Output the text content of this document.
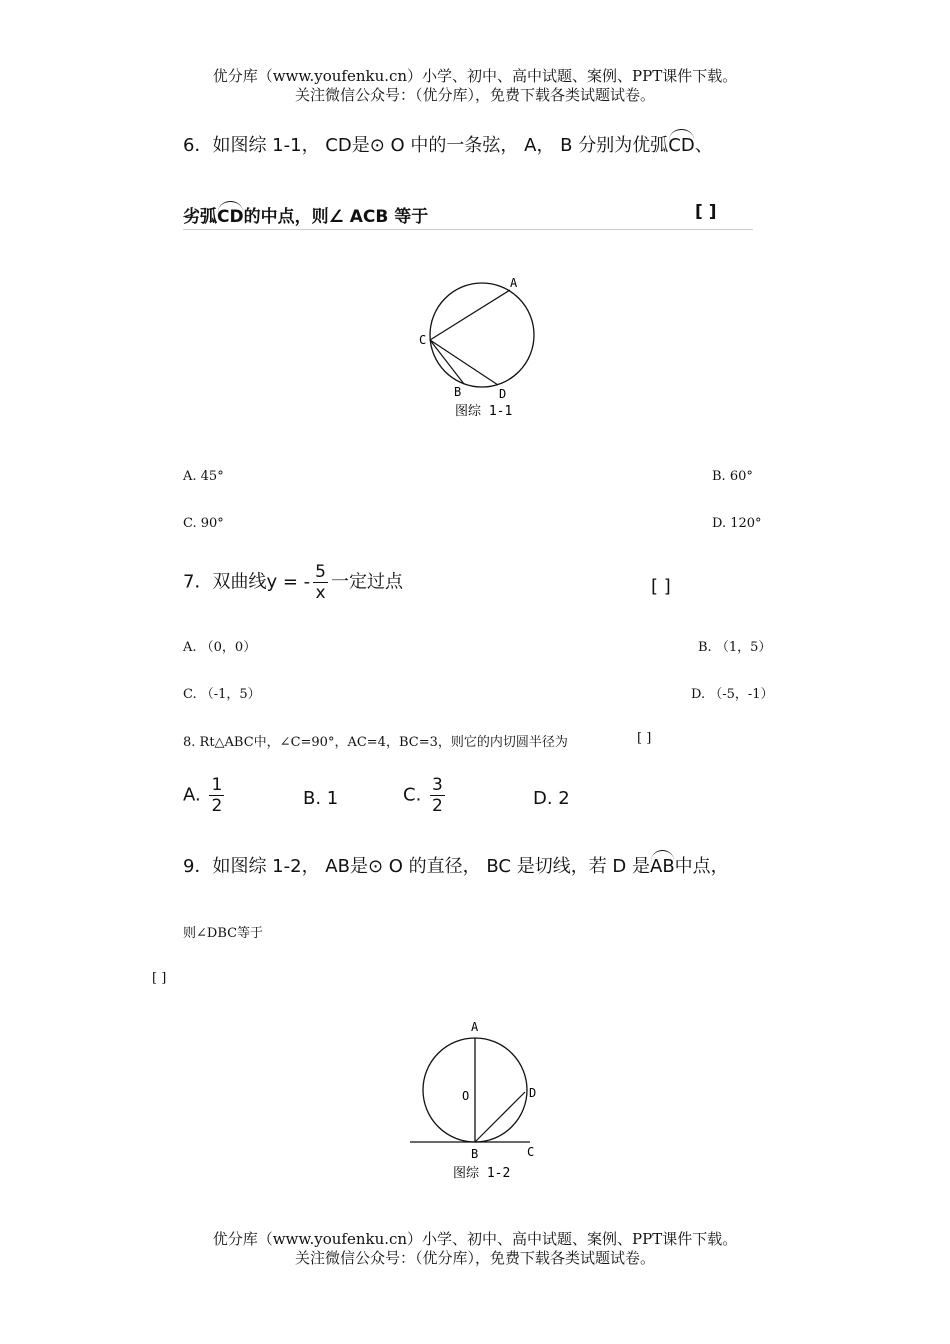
优分库（www.youfenku.cn）小学、初中、高中试题、案例、PPT课件下载。
关注微信公众号：（优分库），免费下载各类试题试卷。
6．如图综 1-1， CD是⊙ O 中的一条弦， A， B 分别为优弧CD、
劣弧CD的中点，则∠ ACB 等于	[ ]
A
C
B	D
图综 1-1
A. 45°	B. 60°
C. 90°	D. 120°
7．双曲线y = - $\frac{5}{x}$ 一定过点	[ ]
A. （0，0）	B. （1，5）
C. （-1，5）	D. （-5，-1）
8. Rt△ABC中，∠C=90°，AC=4，BC=3，则它的内切圆半径为	[ ]
A. $\frac{1}{2}$	B. 1	C. $\frac{3}{2}$	D. 2
9．如图综 1-2， AB是⊙ O 的直径， BC 是切线，若 D 是AB中点，
则∠DBC等于
[ ]
A
O	D
B	C
图综 1-2
优分库（www.youfenku.cn）小学、初中、高中试题、案例、PPT课件下载。
关注微信公众号：（优分库），免费下载各类试题试卷。
